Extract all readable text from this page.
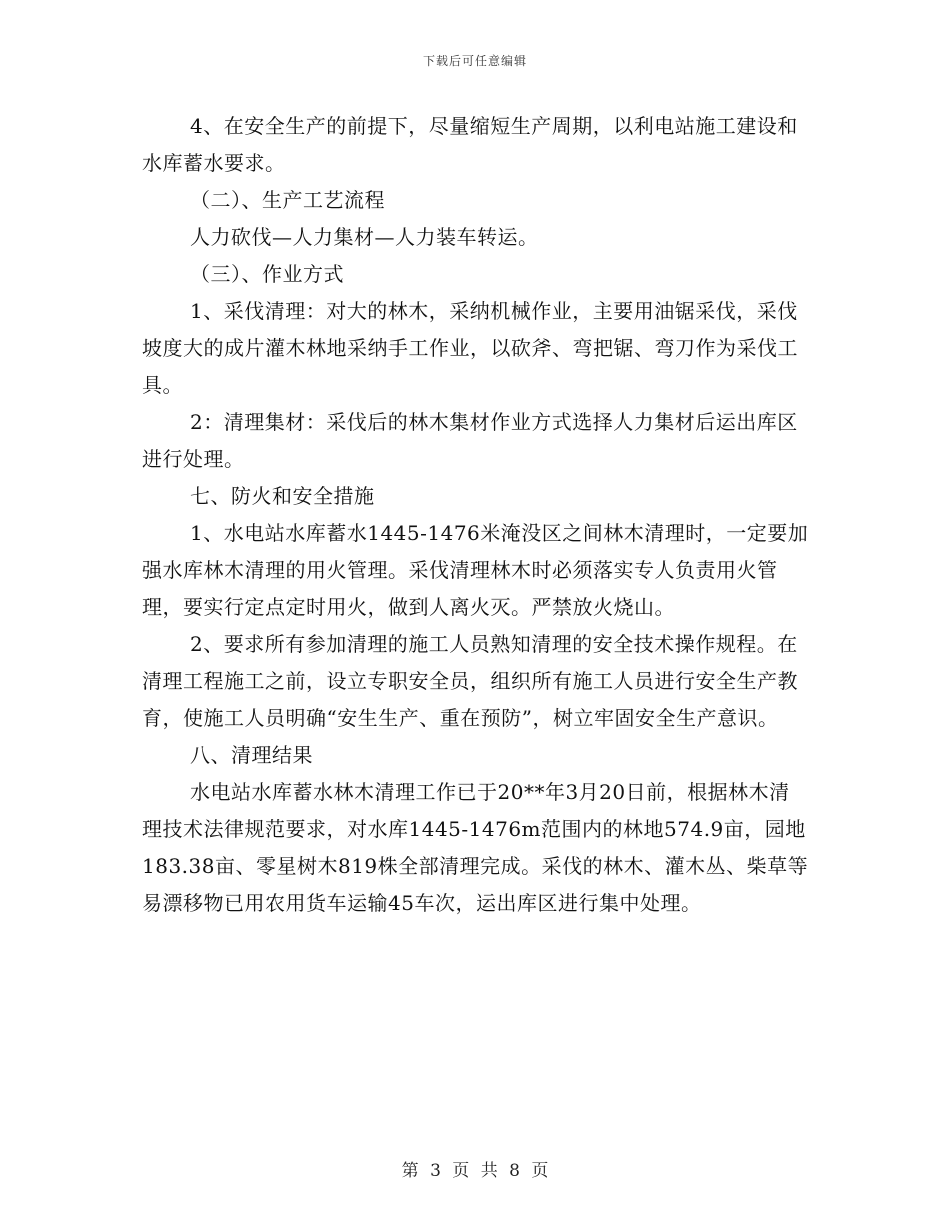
下载后可任意编辑

4、在安全生产的前提下，尽量缩短生产周期，以利电站施工建设和水库蓄水要求。

（二）、生产工艺流程

人力砍伐—人力集材—人力装车转运。

（三）、作业方式

1、采伐清理：对大的林木，采纳机械作业，主要用油锯采伐，采伐坡度大的成片灌木林地采纳手工作业，以砍斧、弯把锯、弯刀作为采伐工具。

2：清理集材：采伐后的林木集材作业方式选择人力集材后运出库区进行处理。

七、防火和安全措施

1、水电站水库蓄水1445-1476米淹没区之间林木清理时，一定要加强水库林木清理的用火管理。采伐清理林木时必须落实专人负责用火管理，要实行定点定时用火，做到人离火灭。严禁放火烧山。

2、要求所有参加清理的施工人员熟知清理的安全技术操作规程。在清理工程施工之前，设立专职安全员，组织所有施工人员进行安全生产教育，使施工人员明确“安生生产、重在预防”，树立牢固安全生产意识。

八、清理结果

水电站水库蓄水林木清理工作已于20**年3月20日前，根据林木清理技术法律规范要求，对水库1445-1476m范围内的林地574.9亩，园地183.38亩、零星树木819株全部清理完成。采伐的林木、灌木丛、柴草等易漂移物已用农用货车运输45车次，运出库区进行集中处理。

第 3 页 共 8 页
